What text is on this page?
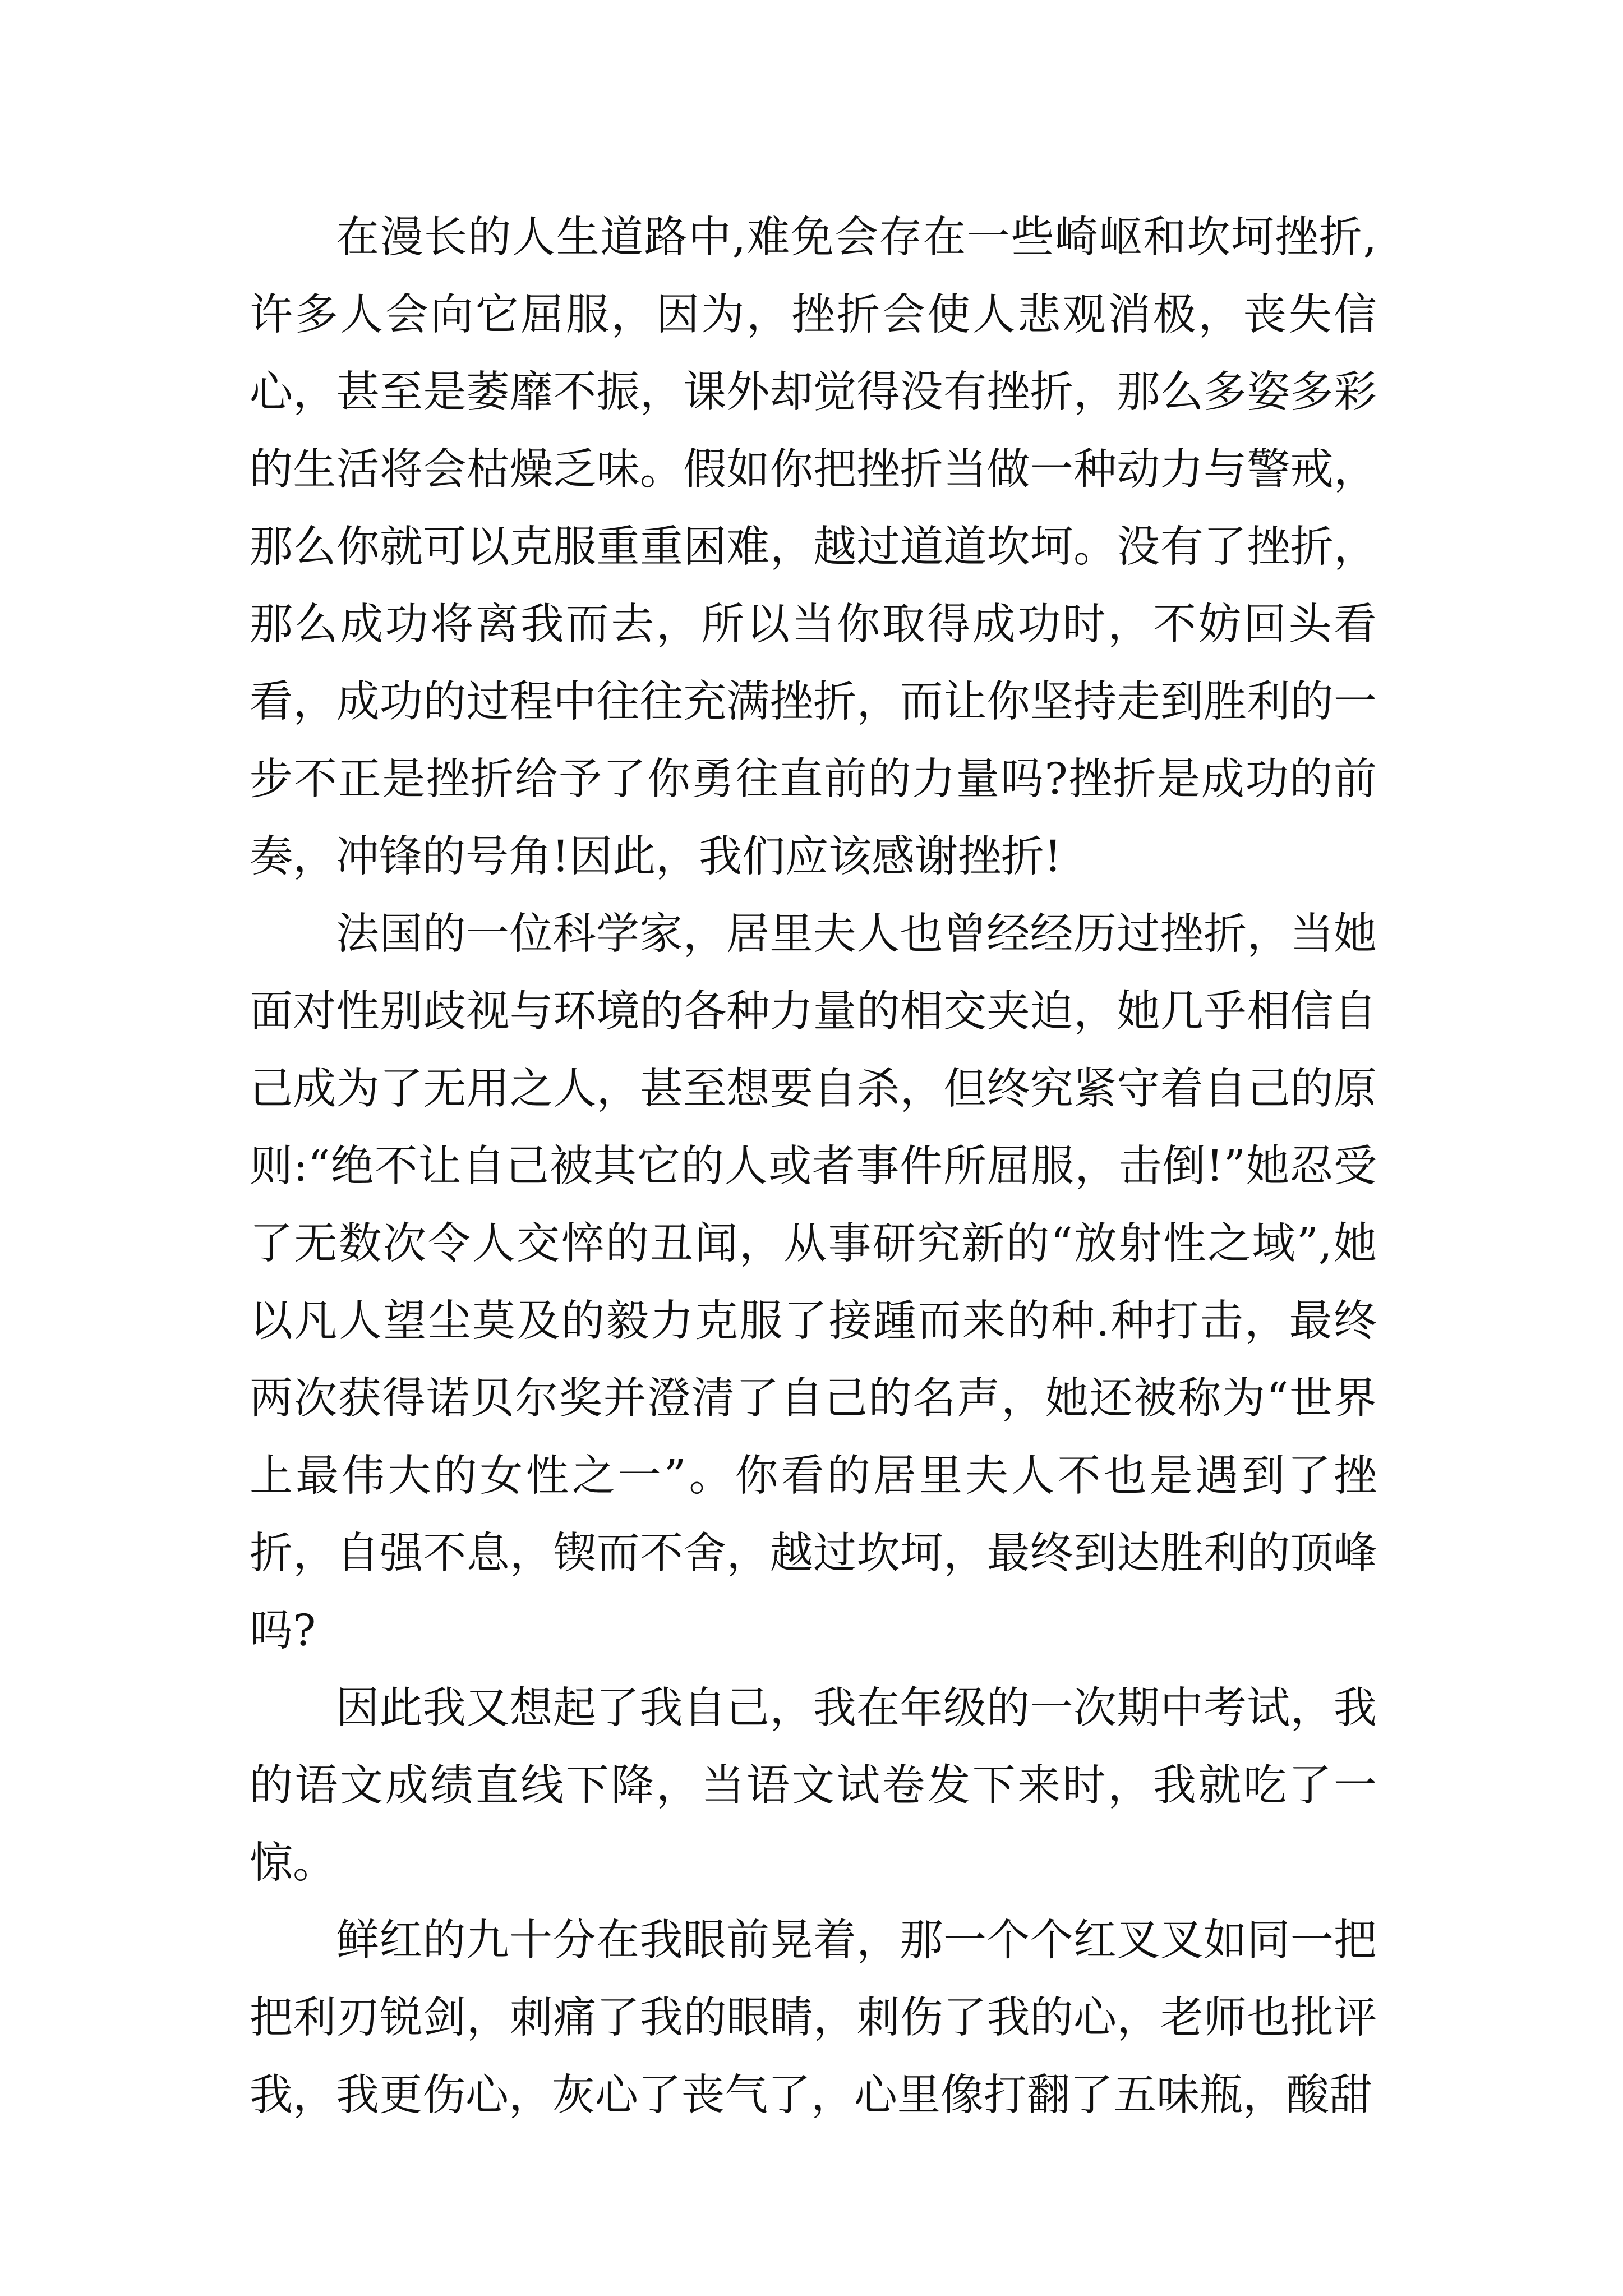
在漫长的人生道路中,难免会存在一些崎岖和坎坷挫折,许多人会向它屈服，因为，挫折会使人悲观消极，丧失信心，甚至是萎靡不振，课外却觉得没有挫折，那么多姿多彩的生活将会枯燥乏味。假如你把挫折当做一种动力与警戒，那么你就可以克服重重困难，越过道道坎坷。没有了挫折，那么成功将离我而去，所以当你取得成功时，不妨回头看看，成功的过程中往往充满挫折，而让你坚持走到胜利的一步不正是挫折给予了你勇往直前的力量吗?挫折是成功的前奏，冲锋的号角!因此，我们应该感谢挫折!

法国的一位科学家，居里夫人也曾经经历过挫折，当她面对性别歧视与环境的各种力量的相交夹迫，她几乎相信自己成为了无用之人，甚至想要自杀，但终究紧守着自己的原则:“绝不让自己被其它的人或者事件所屈服，击倒!”她忍受了无数次令人交悴的丑闻，从事研究新的“放射性之域”,她以凡人望尘莫及的毅力克服了接踵而来的种.种打击，最终两次获得诺贝尔奖并澄清了自己的名声，她还被称为“世界上最伟大的女性之一”。你看的居里夫人不也是遇到了挫折，自强不息，锲而不舍，越过坎坷，最终到达胜利的顶峰吗?

因此我又想起了我自己，我在年级的一次期中考试，我的语文成绩直线下降，当语文试卷发下来时，我就吃了一惊。

鲜红的九十分在我眼前晃着，那一个个红叉叉如同一把把利刃锐剑，刺痛了我的眼睛，刺伤了我的心，老师也批评我，我更伤心，灰心了丧气了，心里像打翻了五味瓶，酸甜
